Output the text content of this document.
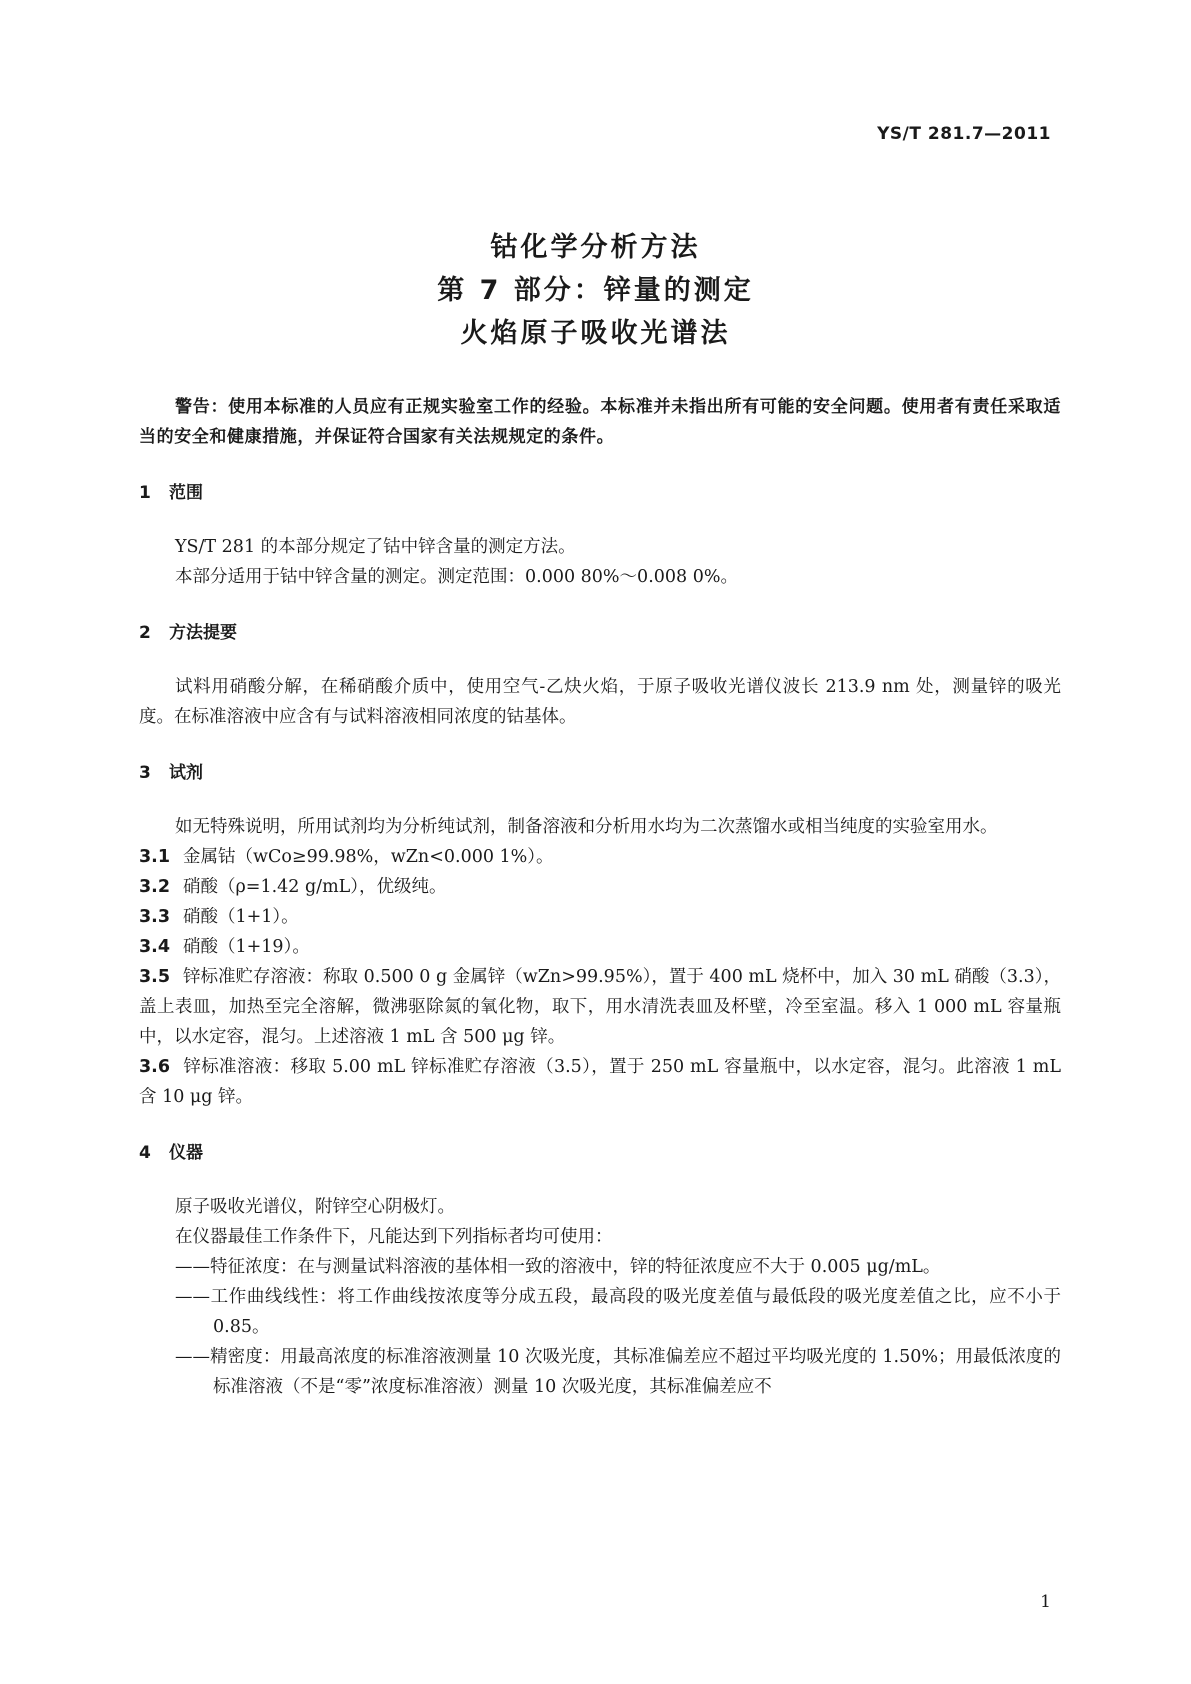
YS/T 281.7—2011
钴化学分析方法
第 7 部分：锌量的测定
火焰原子吸收光谱法
警告：使用本标准的人员应有正规实验室工作的经验。本标准并未指出所有可能的安全问题。使用者有责任采取适当的安全和健康措施，并保证符合国家有关法规规定的条件。
1 范围

YS/T 281 的本部分规定了钴中锌含量的测定方法。

本部分适用于钴中锌含量的测定。测定范围：0.000 80%～0.008 0%。

2 方法提要

试料用硝酸分解，在稀硝酸介质中，使用空气-乙炔火焰，于原子吸收光谱仪波长 213.9 nm 处，测量锌的吸光度。在标准溶液中应含有与试料溶液相同浓度的钴基体。

3 试剂

如无特殊说明，所用试剂均为分析纯试剂，制备溶液和分析用水均为二次蒸馏水或相当纯度的实验室用水。

3.1 金属钴（wCo≥99.98%，wZn<0.000 1%）。

3.2 硝酸（ρ=1.42 g/mL），优级纯。

3.3 硝酸（1+1）。

3.4 硝酸（1+19）。

3.5 锌标准贮存溶液：称取 0.500 0 g 金属锌（wZn>99.95%），置于 400 mL 烧杯中，加入 30 mL 硝酸（3.3），盖上表皿，加热至完全溶解，微沸驱除氮的氧化物，取下，用水清洗表皿及杯壁，冷至室温。移入 1 000 mL 容量瓶中，以水定容，混匀。上述溶液 1 mL 含 500 μg 锌。

3.6 锌标准溶液：移取 5.00 mL 锌标准贮存溶液（3.5），置于 250 mL 容量瓶中，以水定容，混匀。此溶液 1 mL 含 10 μg 锌。

4 仪器

原子吸收光谱仪，附锌空心阴极灯。

在仪器最佳工作条件下，凡能达到下列指标者均可使用：

——特征浓度：在与测量试料溶液的基体相一致的溶液中，锌的特征浓度应不大于 0.005 μg/mL。

——工作曲线线性：将工作曲线按浓度等分成五段，最高段的吸光度差值与最低段的吸光度差值之比，应不小于 0.85。

——精密度：用最高浓度的标准溶液测量 10 次吸光度，其标准偏差应不超过平均吸光度的 1.50%；用最低浓度的标准溶液（不是“零”浓度标准溶液）测量 10 次吸光度，其标准偏差应不

1
